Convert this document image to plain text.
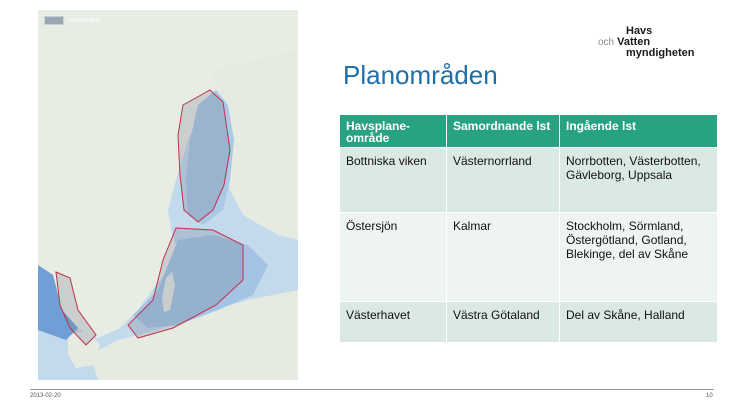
Planområde
Havs
och Vatten
myndigheten
Planområden
Havsplane-område	Samordnande lst	Ingående lst
Bottniska viken	Västernorrland	Norrbotten, Västerbotten, Gävleborg, Uppsala
Östersjön	Kalmar	Stockholm, Sörmland, Östergötland, Gotland, Blekinge, del av Skåne
Västerhavet	Västra Götaland	Del av Skåne, Halland
2013-02-20	10
